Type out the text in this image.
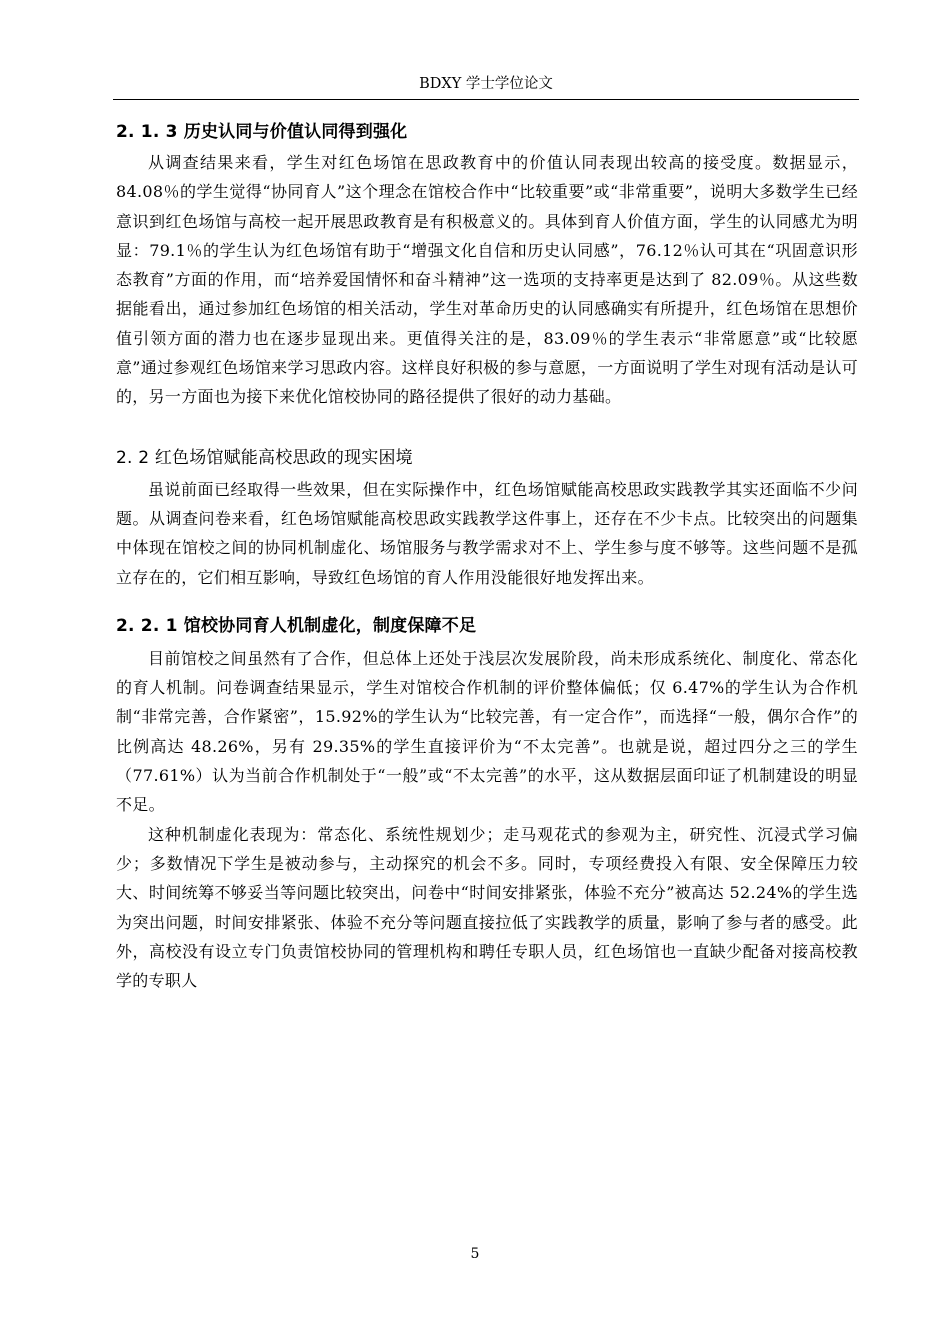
BDXY 学士学位论文
2. 1. 3 历史认同与价值认同得到强化

从调查结果来看，学生对红色场馆在思政教育中的价值认同表现出较高的接受度。数据显示，84.08％的学生觉得“协同育人”这个理念在馆校合作中“比较重要”或“非常重要”，说明大多数学生已经意识到红色场馆与高校一起开展思政教育是有积极意义的。具体到育人价值方面，学生的认同感尤为明显：79.1％的学生认为红色场馆有助于“增强文化自信和历史认同感”，76.12％认可其在“巩固意识形态教育”方面的作用，而“培养爱国情怀和奋斗精神”这一选项的支持率更是达到了 82.09％。从这些数据能看出，通过参加红色场馆的相关活动，学生对革命历史的认同感确实有所提升，红色场馆在思想价值引领方面的潜力也在逐步显现出来。更值得关注的是，83.09％的学生表示“非常愿意”或“比较愿意”通过参观红色场馆来学习思政内容。这样良好积极的参与意愿，一方面说明了学生对现有活动是认可的，另一方面也为接下来优化馆校协同的路径提供了很好的动力基础。

2. 2 红色场馆赋能高校思政的现实困境

虽说前面已经取得一些效果，但在实际操作中，红色场馆赋能高校思政实践教学其实还面临不少问题。从调查问卷来看，红色场馆赋能高校思政实践教学这件事上，还存在不少卡点。比较突出的问题集中体现在馆校之间的协同机制虚化、场馆服务与教学需求对不上、学生参与度不够等。这些问题不是孤立存在的，它们相互影响，导致红色场馆的育人作用没能很好地发挥出来。

2. 2. 1 馆校协同育人机制虚化，制度保障不足

目前馆校之间虽然有了合作，但总体上还处于浅层次发展阶段，尚未形成系统化、制度化、常态化的育人机制。问卷调查结果显示，学生对馆校合作机制的评价整体偏低；仅 6.47%的学生认为合作机制“非常完善，合作紧密”，15.92%的学生认为“比较完善，有一定合作”，而选择“一般，偶尔合作”的比例高达 48.26%，另有 29.35%的学生直接评价为“不太完善”。也就是说，超过四分之三的学生（77.61%）认为当前合作机制处于“一般”或“不太完善”的水平，这从数据层面印证了机制建设的明显不足。

这种机制虚化表现为：常态化、系统性规划少；走马观花式的参观为主，研究性、沉浸式学习偏少；多数情况下学生是被动参与，主动探究的机会不多。同时，专项经费投入有限、安全保障压力较大、时间统筹不够妥当等问题比较突出，问卷中“时间安排紧张，体验不充分”被高达 52.24%的学生选为突出问题，时间安排紧张、体验不充分等问题直接拉低了实践教学的质量，影响了参与者的感受。此外，高校没有设立专门负责馆校协同的管理机构和聘任专职人员，红色场馆也一直缺少配备对接高校教学的专职人

5
